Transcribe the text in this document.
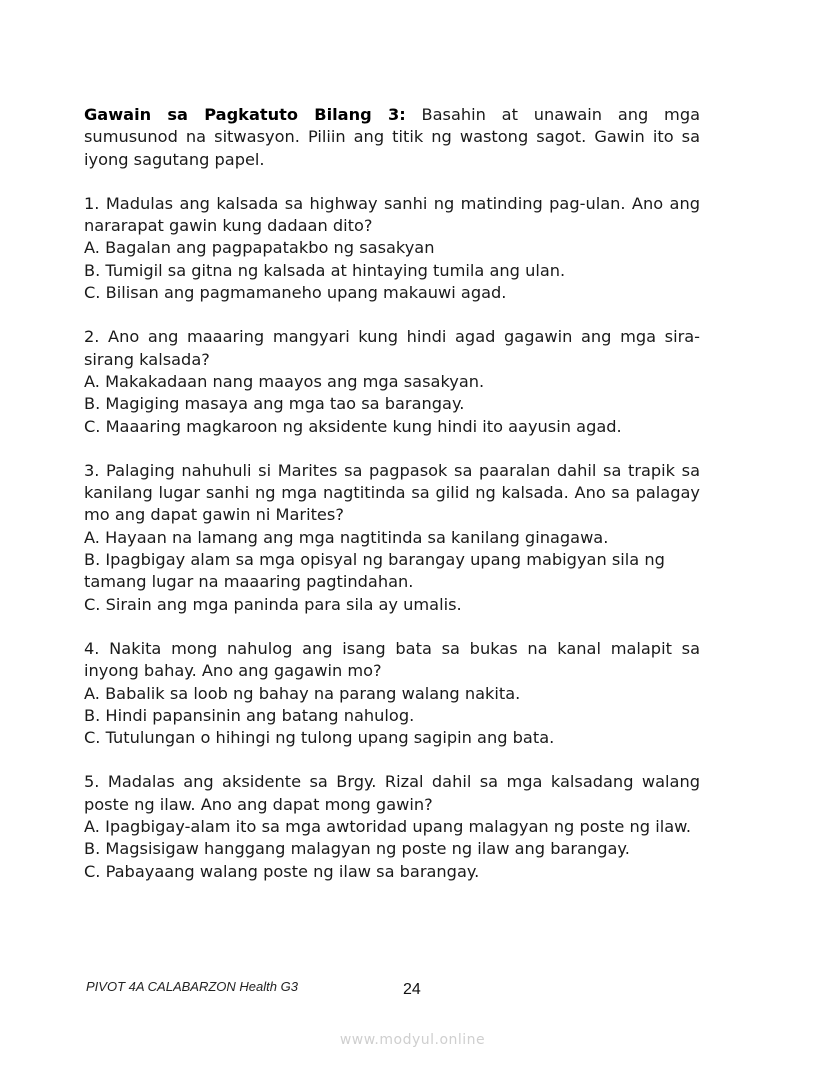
Gawain sa Pagkatuto Bilang 3: Basahin at unawain ang mga sumusunod na sitwasyon. Piliin ang titik ng wastong sagot. Gawin ito sa iyong sagutang papel.

1. Madulas ang kalsada sa highway sanhi ng matinding pag-ulan. Ano ang nararapat gawin kung dadaan dito?
A. Bagalan ang pagpapatakbo ng sasakyan
B. Tumigil sa gitna ng kalsada at hintaying tumila ang ulan.
C. Bilisan ang pagmamaneho upang makauwi agad.
2. Ano ang maaaring mangyari kung hindi agad gagawin ang mga sira-sirang kalsada?
A. Makakadaan nang maayos ang mga sasakyan.
B. Magiging masaya ang mga tao sa barangay.
C. Maaaring magkaroon ng aksidente kung hindi ito aayusin agad.
3. Palaging nahuhuli si Marites sa pagpasok sa paaralan dahil sa trapik sa kanilang lugar sanhi ng mga nagtitinda sa gilid ng kalsada. Ano sa palagay mo ang dapat gawin ni Marites?
A. Hayaan na lamang ang mga nagtitinda sa kanilang ginagawa.
B. Ipagbigay alam sa mga opisyal ng barangay upang mabigyan sila ng tamang lugar na maaaring pagtindahan.
C. Sirain ang mga paninda para sila ay umalis.
4. Nakita mong nahulog ang isang bata sa bukas na kanal malapit sa inyong bahay. Ano ang gagawin mo?
A. Babalik sa loob ng bahay na parang walang nakita.
B. Hindi papansinin ang batang nahulog.
C. Tutulungan o hihingi ng tulong upang sagipin ang bata.
5. Madalas ang aksidente sa Brgy. Rizal dahil sa mga kalsadang walang poste ng ilaw. Ano ang dapat mong gawin?
A. Ipagbigay-alam ito sa mga awtoridad upang malagyan ng poste ng ilaw.
B. Magsisigaw hanggang malagyan ng poste ng ilaw ang barangay.
C. Pabayaang walang poste ng ilaw sa barangay.
PIVOT 4A CALABARZON Health G3	24
www.modyul.online
